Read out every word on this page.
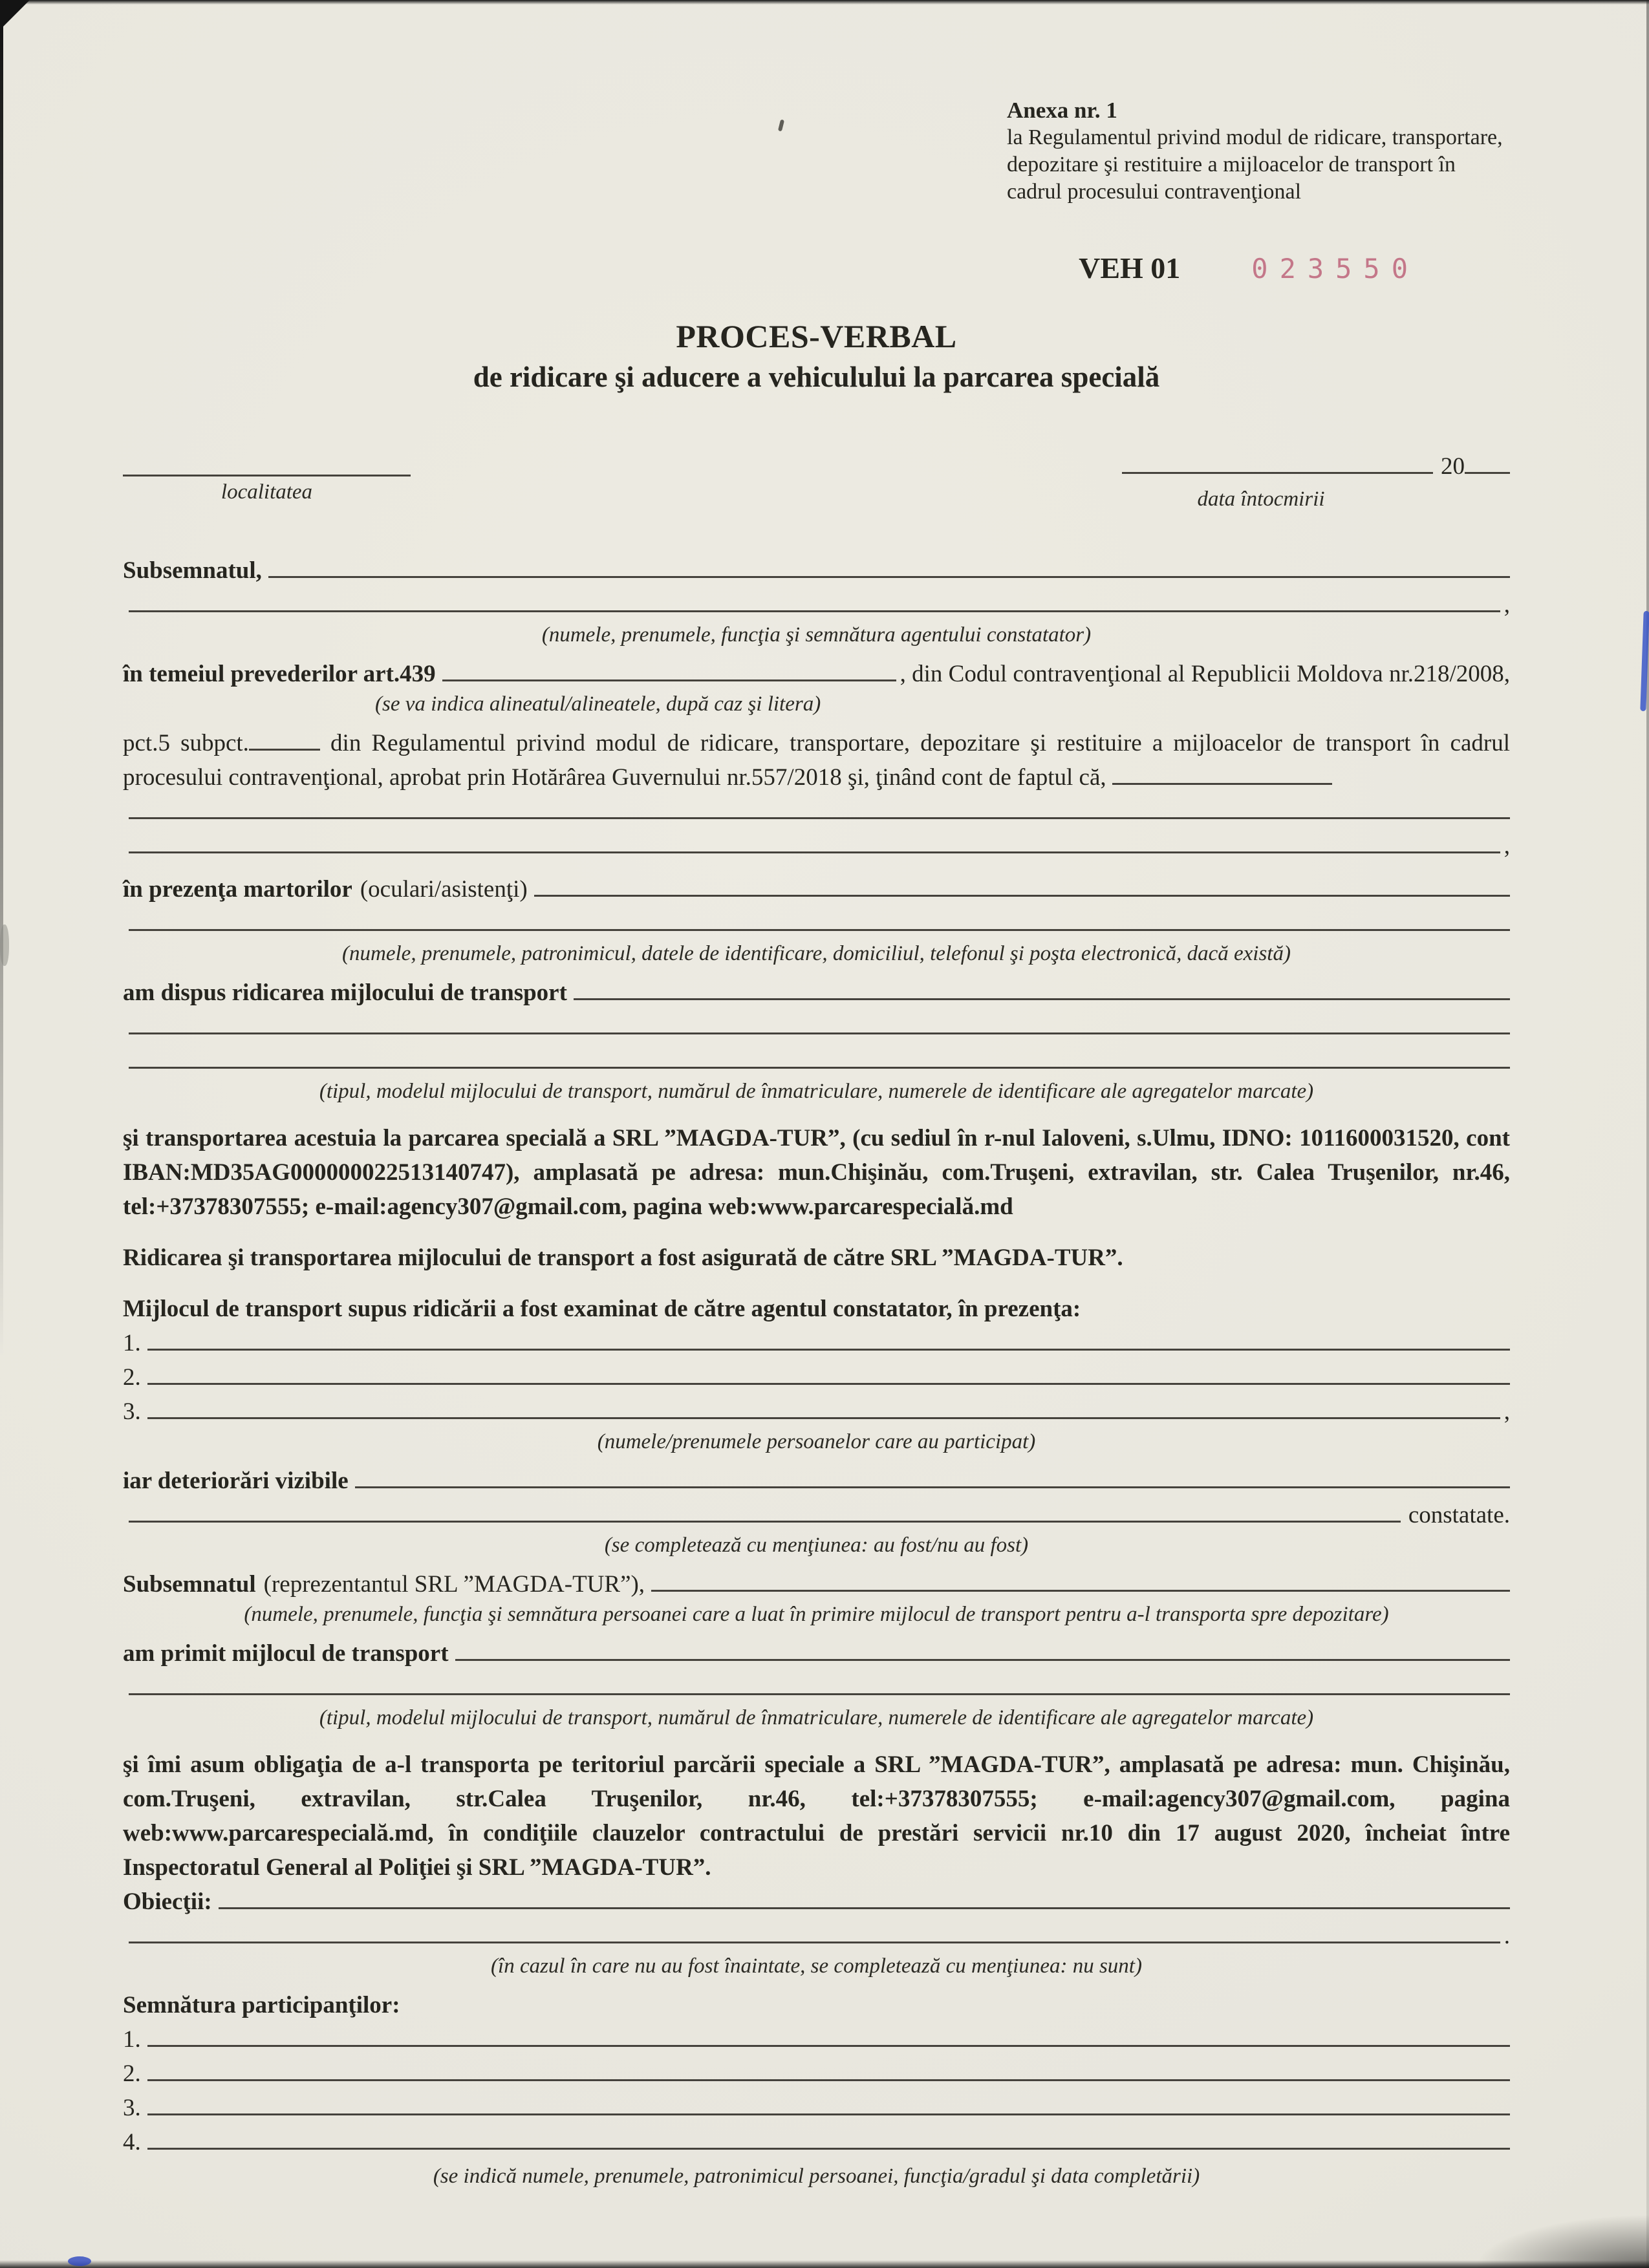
Anexa nr. 1
la Regulamentul privind modul de ridicare, transportare, depozitare şi restituire a mijloacelor de transport în cadrul procesului contravenţional
VEH 01	023550
PROCES-VERBAL
de ridicare şi aducere a vehiculului la parcarea specială
localitatea
20
data întocmirii
Subsemnatul,
,
(numele, prenumele, funcţia şi semnătura agentului constatator)
în temeiul prevederilor art.439	, din Codul contravenţional al Republicii Moldova nr.218/2008,
(se va indica alineatul/alineatele, după caz şi litera)
pct.5 subpct.	din Regulamentul privind modul de ridicare, transportare, depozitare şi restituire a mijloacelor de transport în cadrul procesului contravenţional, aprobat prin Hotărârea Guvernului nr.557/2018 şi, ţinând cont de faptul că,
,
în prezenţa martorilor (oculari/asistenţi)
(numele, prenumele, patronimicul, datele de identificare, domiciliul, telefonul şi poşta electronică, dacă există)
am dispus ridicarea mijlocului de transport
(tipul, modelul mijlocului de transport, numărul de înmatriculare, numerele de identificare ale agregatelor marcate)
şi transportarea acestuia la parcarea specială a SRL ”MAGDA-TUR”, (cu sediul în r-nul Ialoveni, s.Ulmu, IDNO: 1011600031520, cont IBAN:MD35AG000000022513140747), amplasată pe adresa: mun.Chişinău, com.Truşeni, extravilan, str. Calea Truşenilor, nr.46, tel:+37378307555; e-mail:agency307@gmail.com, pagina web:www.parcarespecială.md
Ridicarea şi transportarea mijlocului de transport a fost asigurată de către SRL ”MAGDA-TUR”.
Mijlocul de transport supus ridicării a fost examinat de către agentul constatator, în prezenţa:
1.
2.
3.	,
(numele/prenumele persoanelor care au participat)
iar deteriorări vizibile
constatate.
(se completează cu menţiunea: au fost/nu au fost)
Subsemnatul (reprezentantul SRL ”MAGDA-TUR”),
(numele, prenumele, funcţia şi semnătura persoanei care a luat în primire mijlocul de transport pentru a-l transporta spre depozitare)
am primit mijlocul de transport
(tipul, modelul mijlocului de transport, numărul de înmatriculare, numerele de identificare ale agregatelor marcate)
şi îmi asum obligaţia de a-l transporta pe teritoriul parcării speciale a SRL ”MAGDA-TUR”, amplasată pe adresa: mun. Chişinău, com.Truşeni, extravilan, str.Calea Truşenilor, nr.46, tel:+37378307555; e-mail:agency307@gmail.com, pagina web:www.parcarespecială.md, în condiţiile clauzelor contractului de prestări servicii nr.10 din 17 august 2020, încheiat între Inspectoratul General al Poliţiei şi SRL ”MAGDA-TUR”.
Obiecţii:
.
(în cazul în care nu au fost înaintate, se completează cu menţiunea: nu sunt)
Semnătura participanţilor:
1.
2.
3.
4.
(se indică numele, prenumele, patronimicul persoanei, funcţia/gradul şi data completării)
